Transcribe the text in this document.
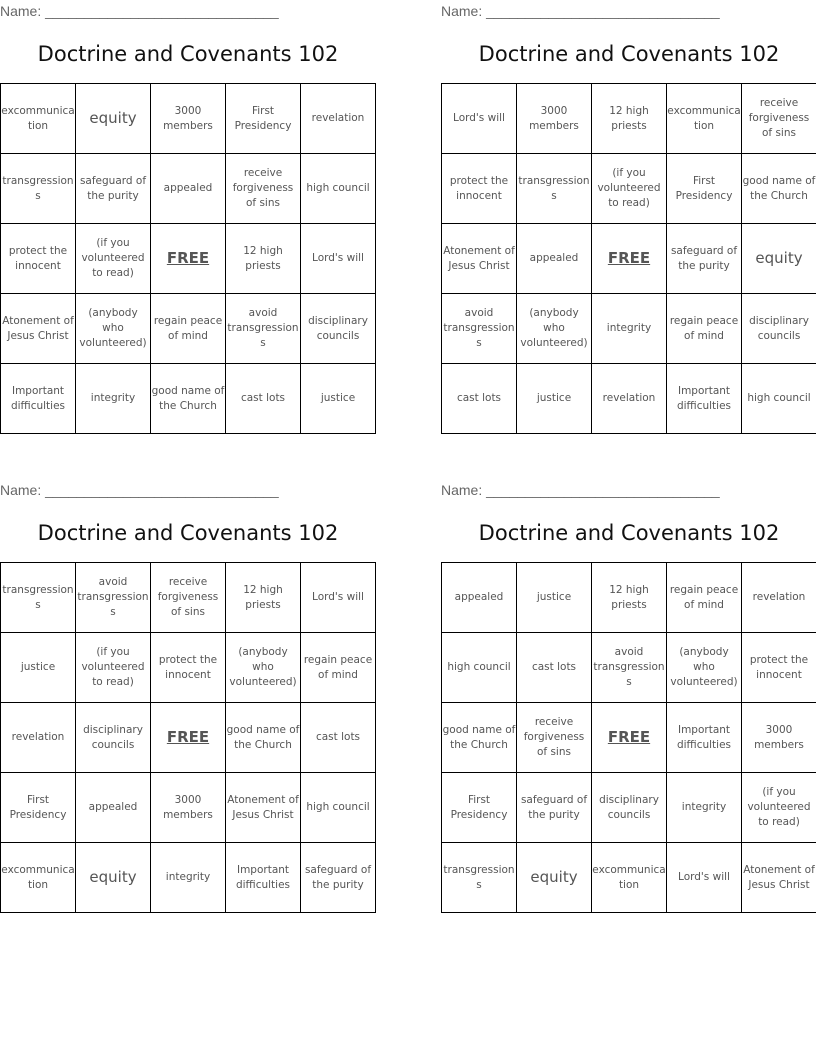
Name: ______________________________
Doctrine and Covenants 102
excommunication	equity	3000 members	First Presidency	revelation
transgressions	safeguard of the purity	appealed	receive forgiveness of sins	high council
protect the innocent	(if you volunteered to read)	FREE	12 high priests	Lord's will
Atonement of Jesus Christ	(anybody who volunteered)	regain peace of mind	avoid transgressions	disciplinary councils
Important difficulties	integrity	good name of the Church	cast lots	justice
Name: ______________________________
Doctrine and Covenants 102
Lord's will	3000 members	12 high priests	excommunication	receive forgiveness of sins
protect the innocent	transgressions	(if you volunteered to read)	First Presidency	good name of the Church
Atonement of Jesus Christ	appealed	FREE	safeguard of the purity	equity
avoid transgressions	(anybody who volunteered)	integrity	regain peace of mind	disciplinary councils
cast lots	justice	revelation	Important difficulties	high council
Name: ______________________________
Doctrine and Covenants 102
transgressions	avoid transgressions	receive forgiveness of sins	12 high priests	Lord's will
justice	(if you volunteered to read)	protect the innocent	(anybody who volunteered)	regain peace of mind
revelation	disciplinary councils	FREE	good name of the Church	cast lots
First Presidency	appealed	3000 members	Atonement of Jesus Christ	high council
excommunication	equity	integrity	Important difficulties	safeguard of the purity
Name: ______________________________
Doctrine and Covenants 102
appealed	justice	12 high priests	regain peace of mind	revelation
high council	cast lots	avoid transgressions	(anybody who volunteered)	protect the innocent
good name of the Church	receive forgiveness of sins	FREE	Important difficulties	3000 members
First Presidency	safeguard of the purity	disciplinary councils	integrity	(if you volunteered to read)
transgressions	equity	excommunication	Lord's will	Atonement of Jesus Christ
